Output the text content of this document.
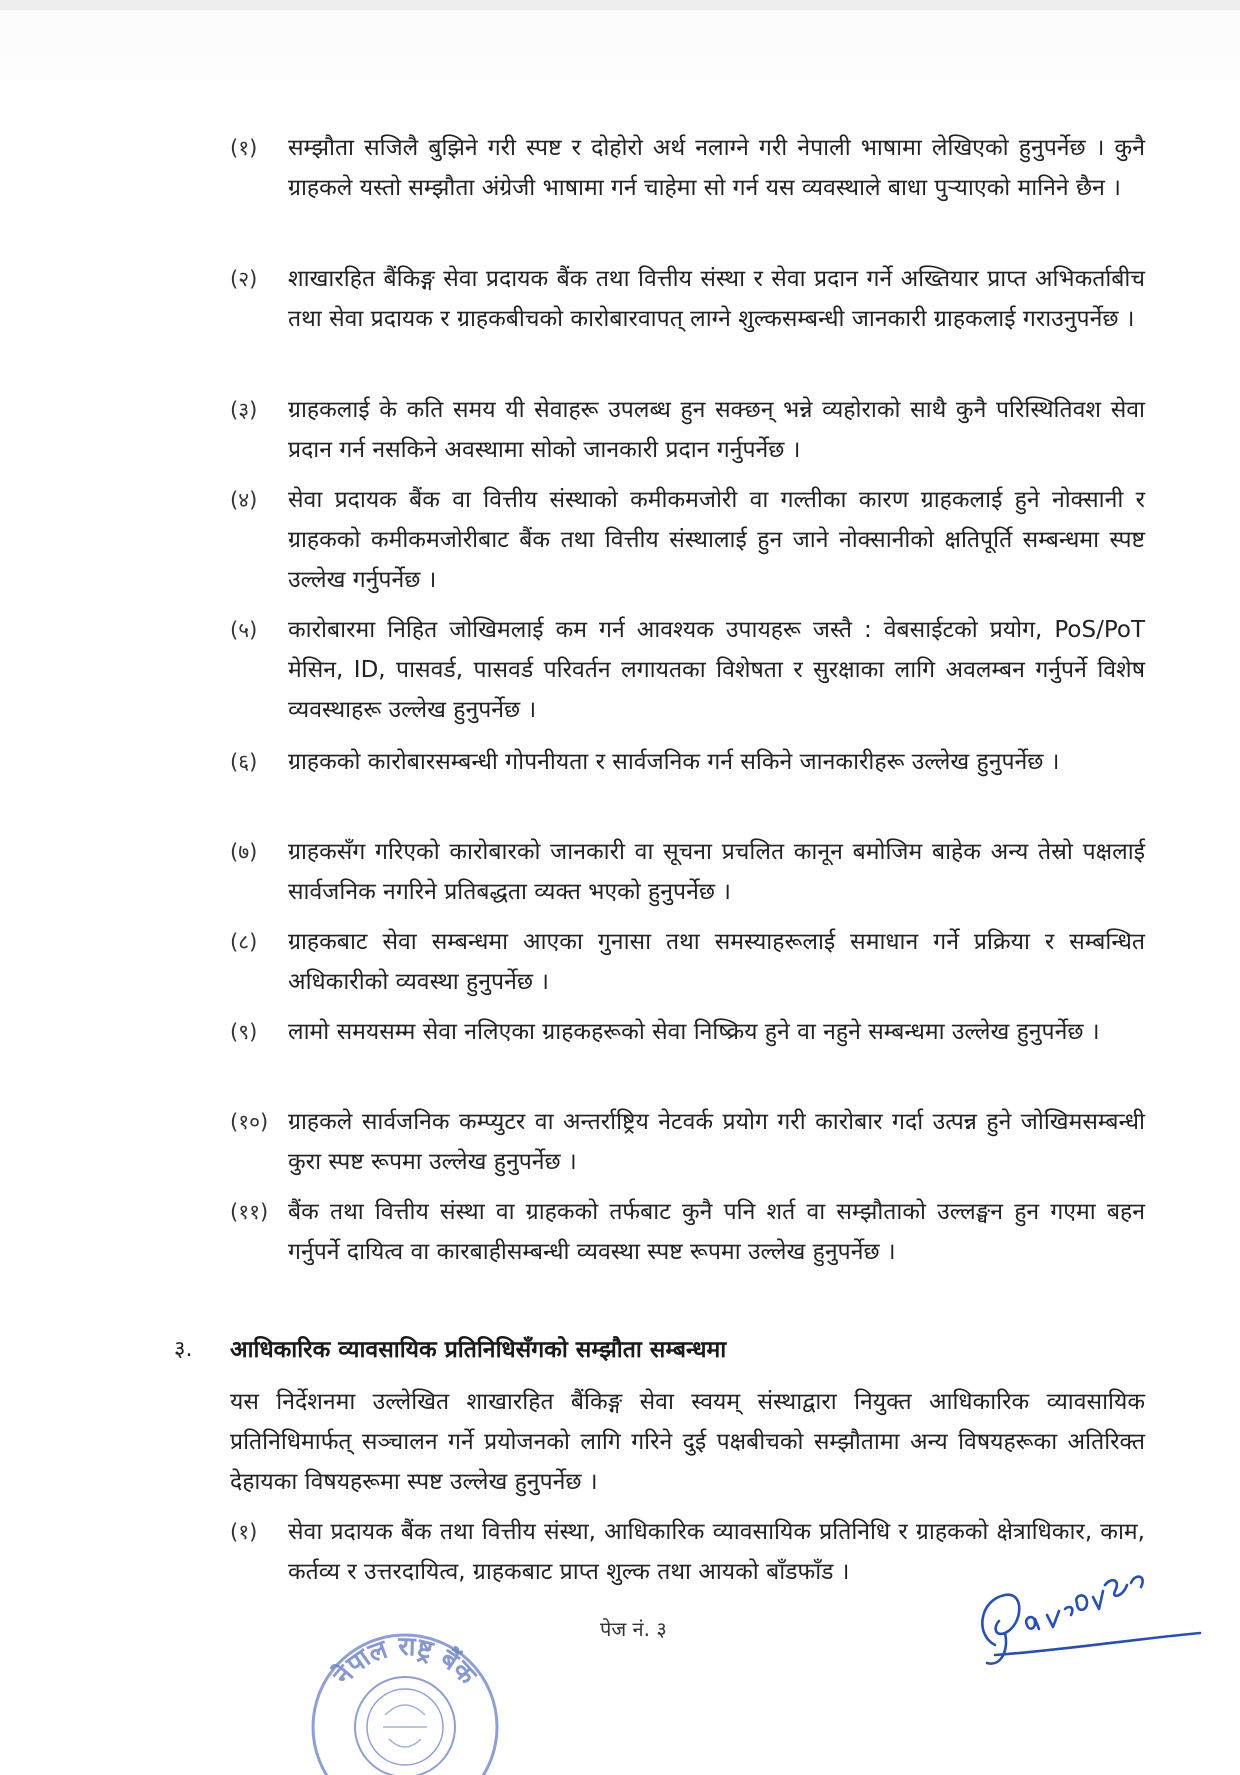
(१) सम्झौता सजिलै बुझिने गरी स्पष्ट र दोहोरो अर्थ नलाग्ने गरी नेपाली भाषामा लेखिएको हुनुपर्नेछ । कुनै ग्राहकले यस्तो सम्झौता अंग्रेजी भाषामा गर्न चाहेमा सो गर्न यस व्यवस्थाले बाधा पुऱ्याएको मानिने छैन ।
(२) शाखारहित बैंकिङ्ग सेवा प्रदायक बैंक तथा वित्तीय संस्था र सेवा प्रदान गर्ने अख्तियार प्राप्त अभिकर्ताबीच तथा सेवा प्रदायक र ग्राहकबीचको कारोबारवापत् लाग्ने शुल्कसम्बन्धी जानकारी ग्राहकलाई गराउनुपर्नेछ ।
(३) ग्राहकलाई के कति समय यी सेवाहरू उपलब्ध हुन सक्छन् भन्ने व्यहोराको साथै कुनै परिस्थितिवश सेवा प्रदान गर्न नसकिने अवस्थामा सोको जानकारी प्रदान गर्नुपर्नेछ ।
(४) सेवा प्रदायक बैंक वा वित्तीय संस्थाको कमीकमजोरी वा गल्तीका कारण ग्राहकलाई हुने नोक्सानी र ग्राहकको कमीकमजोरीबाट बैंक तथा वित्तीय संस्थालाई हुन जाने नोक्सानीको क्षतिपूर्ति सम्बन्धमा स्पष्ट उल्लेख गर्नुपर्नेछ ।
(५) कारोबारमा निहित जोखिमलाई कम गर्न आवश्यक उपायहरू जस्तै : वेबसाईटको प्रयोग, PoS/PoT मेसिन, ID, पासवर्ड, पासवर्ड परिवर्तन लगायतका विशेषता र सुरक्षाका लागि अवलम्बन गर्नुपर्ने विशेष व्यवस्थाहरू उल्लेख हुनुपर्नेछ ।
(६) ग्राहकको कारोबारसम्बन्धी गोपनीयता र सार्वजनिक गर्न सकिने जानकारीहरू उल्लेख हुनुपर्नेछ ।
(७) ग्राहकसँग गरिएको कारोबारको जानकारी वा सूचना प्रचलित कानून बमोजिम बाहेक अन्य तेस्रो पक्षलाई सार्वजनिक नगरिने प्रतिबद्धता व्यक्त भएको हुनुपर्नेछ ।
(८) ग्राहकबाट सेवा सम्बन्धमा आएका गुनासा तथा समस्याहरूलाई समाधान गर्ने प्रक्रिया र सम्बन्धित अधिकारीको व्यवस्था हुनुपर्नेछ ।
(९) लामो समयसम्म सेवा नलिएका ग्राहकहरूको सेवा निष्क्रिय हुने वा नहुने सम्बन्धमा उल्लेख हुनुपर्नेछ ।
(१०) ग्राहकले सार्वजनिक कम्प्युटर वा अन्तर्राष्ट्रिय नेटवर्क प्रयोग गरी कारोबार गर्दा उत्पन्न हुने जोखिमसम्बन्धी कुरा स्पष्ट रूपमा उल्लेख हुनुपर्नेछ ।
(११) बैंक तथा वित्तीय संस्था वा ग्राहकको तर्फबाट कुनै पनि शर्त वा सम्झौताको उल्लङ्घन हुन गएमा बहन गर्नुपर्ने दायित्व वा कारबाहीसम्बन्धी व्यवस्था स्पष्ट रूपमा उल्लेख हुनुपर्नेछ ।
३. आधिकारिक व्यावसायिक प्रतिनिधिसँगको सम्झौता सम्बन्धमा
यस निर्देशनमा उल्लेखित शाखारहित बैंकिङ्ग सेवा स्वयम् संस्थाद्वारा नियुक्त आधिकारिक व्यावसायिक प्रतिनिधिमार्फत् सञ्चालन गर्ने प्रयोजनको लागि गरिने दुई पक्षबीचको सम्झौतामा अन्य विषयहरूका अतिरिक्त देहायका विषयहरूमा स्पष्ट उल्लेख हुनुपर्नेछ ।
(१) सेवा प्रदायक बैंक तथा वित्तीय संस्था, आधिकारिक व्यावसायिक प्रतिनिधि र ग्राहकको क्षेत्राधिकार, काम, कर्तव्य र उत्तरदायित्व, ग्राहकबाट प्राप्त शुल्क तथा आयको बाँडफाँड ।
पेज नं. ३
नेपाल राष्ट्र बैंक
